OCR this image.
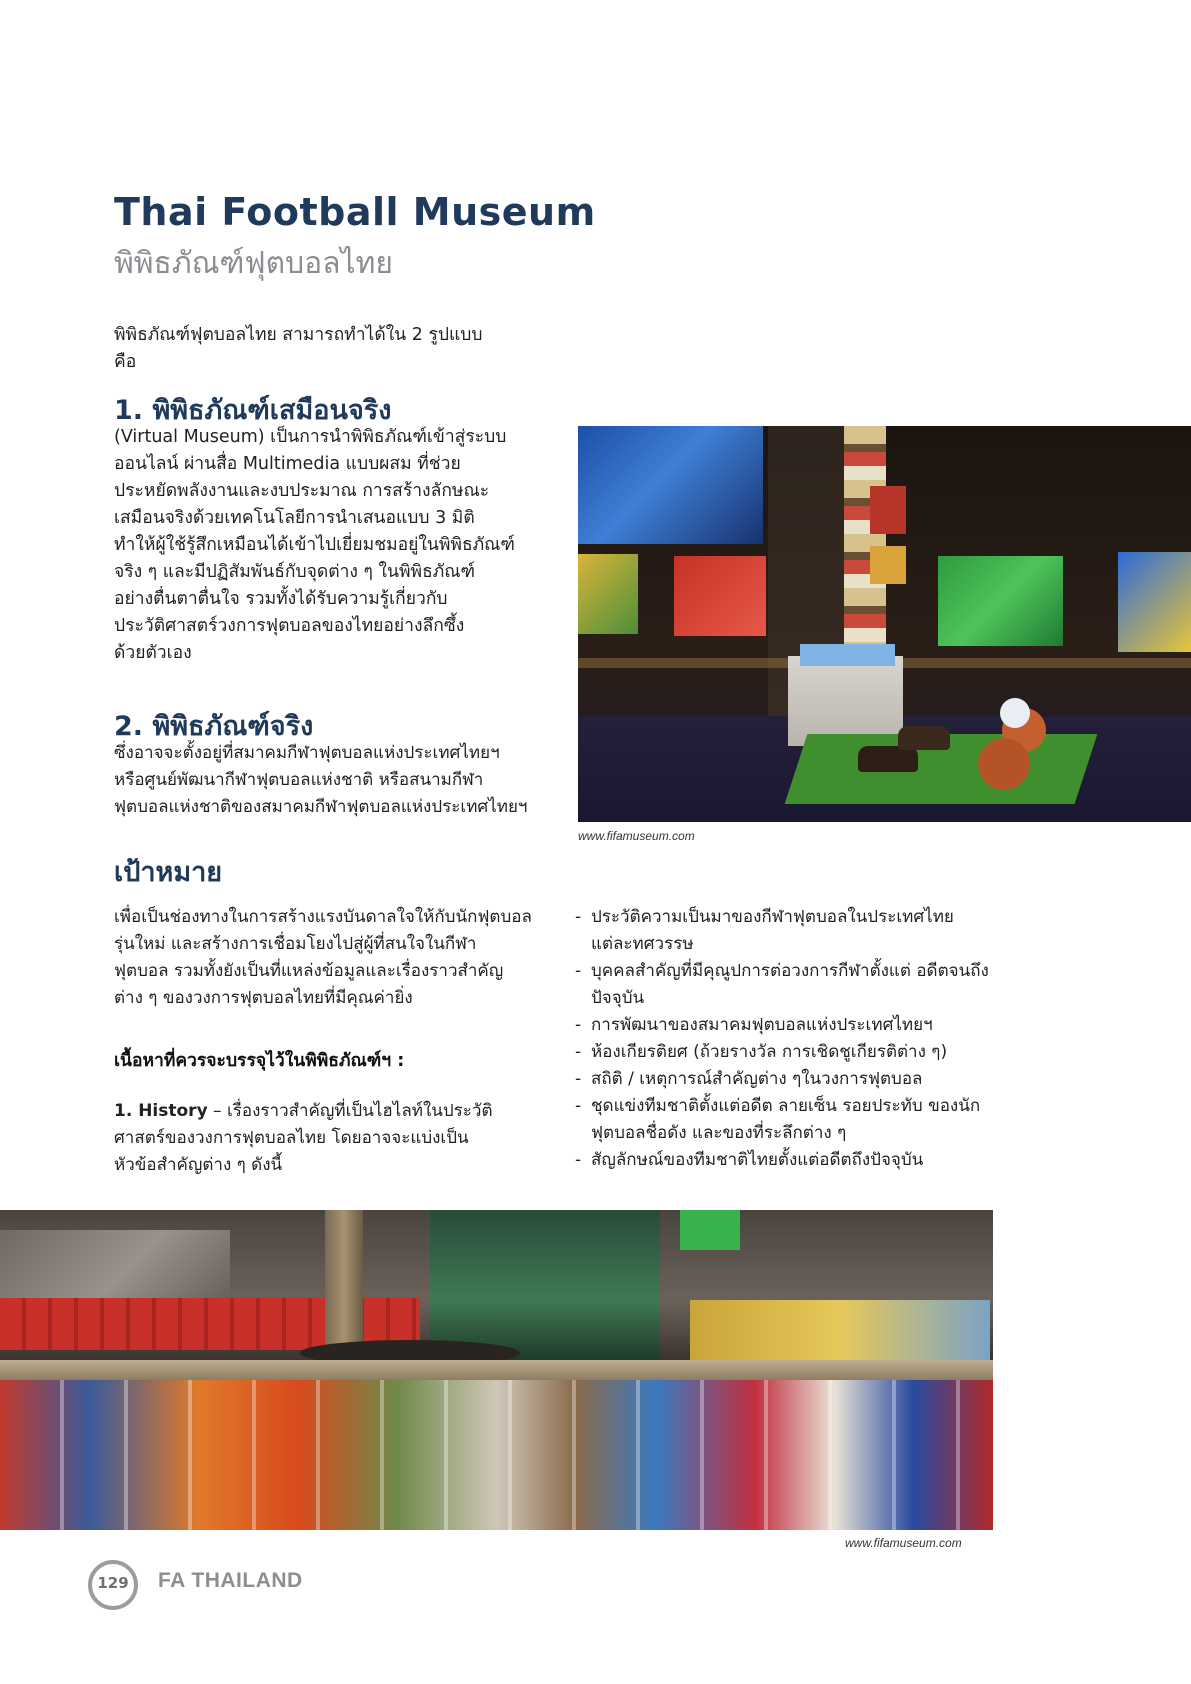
Thai Football Museum
พิพิธภัณฑ์ฟุตบอลไทย
พิพิธภัณฑ์ฟุตบอลไทย สามารถทำได้ใน 2 รูปแบบ
คือ
1. พิพิธภัณฑ์เสมือนจริง
(Virtual Museum) เป็นการนำพิพิธภัณฑ์เข้าสู่ระบบ
ออนไลน์ ผ่านสื่อ Multimedia แบบผสม ที่ช่วย
ประหยัดพลังงานและงบประมาณ การสร้างลักษณะ
เสมือนจริงด้วยเทคโนโลยีการนำเสนอแบบ 3 มิติ
ทำให้ผู้ใช้รู้สึกเหมือนได้เข้าไปเยี่ยมชมอยู่ในพิพิธภัณฑ์
จริง ๆ และมีปฏิสัมพันธ์กับจุดต่าง ๆ ในพิพิธภัณฑ์
อย่างตื่นตาตื่นใจ รวมทั้งได้รับความรู้เกี่ยวกับ
ประวัติศาสตร์วงการฟุตบอลของไทยอย่างลึกซึ้ง
ด้วยตัวเอง
2. พิพิธภัณฑ์จริง
ซึ่งอาจจะตั้งอยู่ที่สมาคมกีฬาฟุตบอลแห่งประเทศไทยฯ
หรือศูนย์พัฒนากีฬาฟุตบอลแห่งชาติ หรือสนามกีฬา
ฟุตบอลแห่งชาติของสมาคมกีฬาฟุตบอลแห่งประเทศไทยฯ
www.fifamuseum.com
เป้าหมาย
เพื่อเป็นช่องทางในการสร้างแรงบันดาลใจให้กับนักฟุตบอล
รุ่นใหม่ และสร้างการเชื่อมโยงไปสู่ผู้ที่สนใจในกีฬา
ฟุตบอล รวมทั้งยังเป็นที่แหล่งข้อมูลและเรื่องราวสำคัญ
ต่าง ๆ ของวงการฟุตบอลไทยที่มีคุณค่ายิ่ง
เนื้อหาที่ควรจะบรรจุไว้ในพิพิธภัณฑ์ฯ :
1. History – เรื่องราวสำคัญที่เป็นไฮไลท์ในประวัติ
ศาสตร์ของวงการฟุตบอลไทย โดยอาจจะแบ่งเป็น
หัวข้อสำคัญต่าง ๆ ดังนี้
- ประวัติความเป็นมาของกีฬาฟุตบอลในประเทศไทย แต่ละทศวรรษ
- บุคคลสำคัญที่มีคุณูปการต่อวงการกีฬาตั้งแต่ อดีตจนถึงปัจจุบัน
- การพัฒนาของสมาคมฟุตบอลแห่งประเทศไทยฯ
- ห้องเกียรติยศ (ถ้วยรางวัล การเชิดชูเกียรติต่าง ๆ)
- สถิติ / เหตุการณ์สำคัญต่าง ๆในวงการฟุตบอล
- ชุดแข่งทีมชาติตั้งแต่อดีต ลายเซ็น รอยประทับ ของนักฟุตบอลชื่อดัง และของที่ระลึกต่าง ๆ
- สัญลักษณ์ของทีมชาติไทยตั้งแต่อดีตถึงปัจจุบัน
www.fifamuseum.com
129	FA THAILAND
